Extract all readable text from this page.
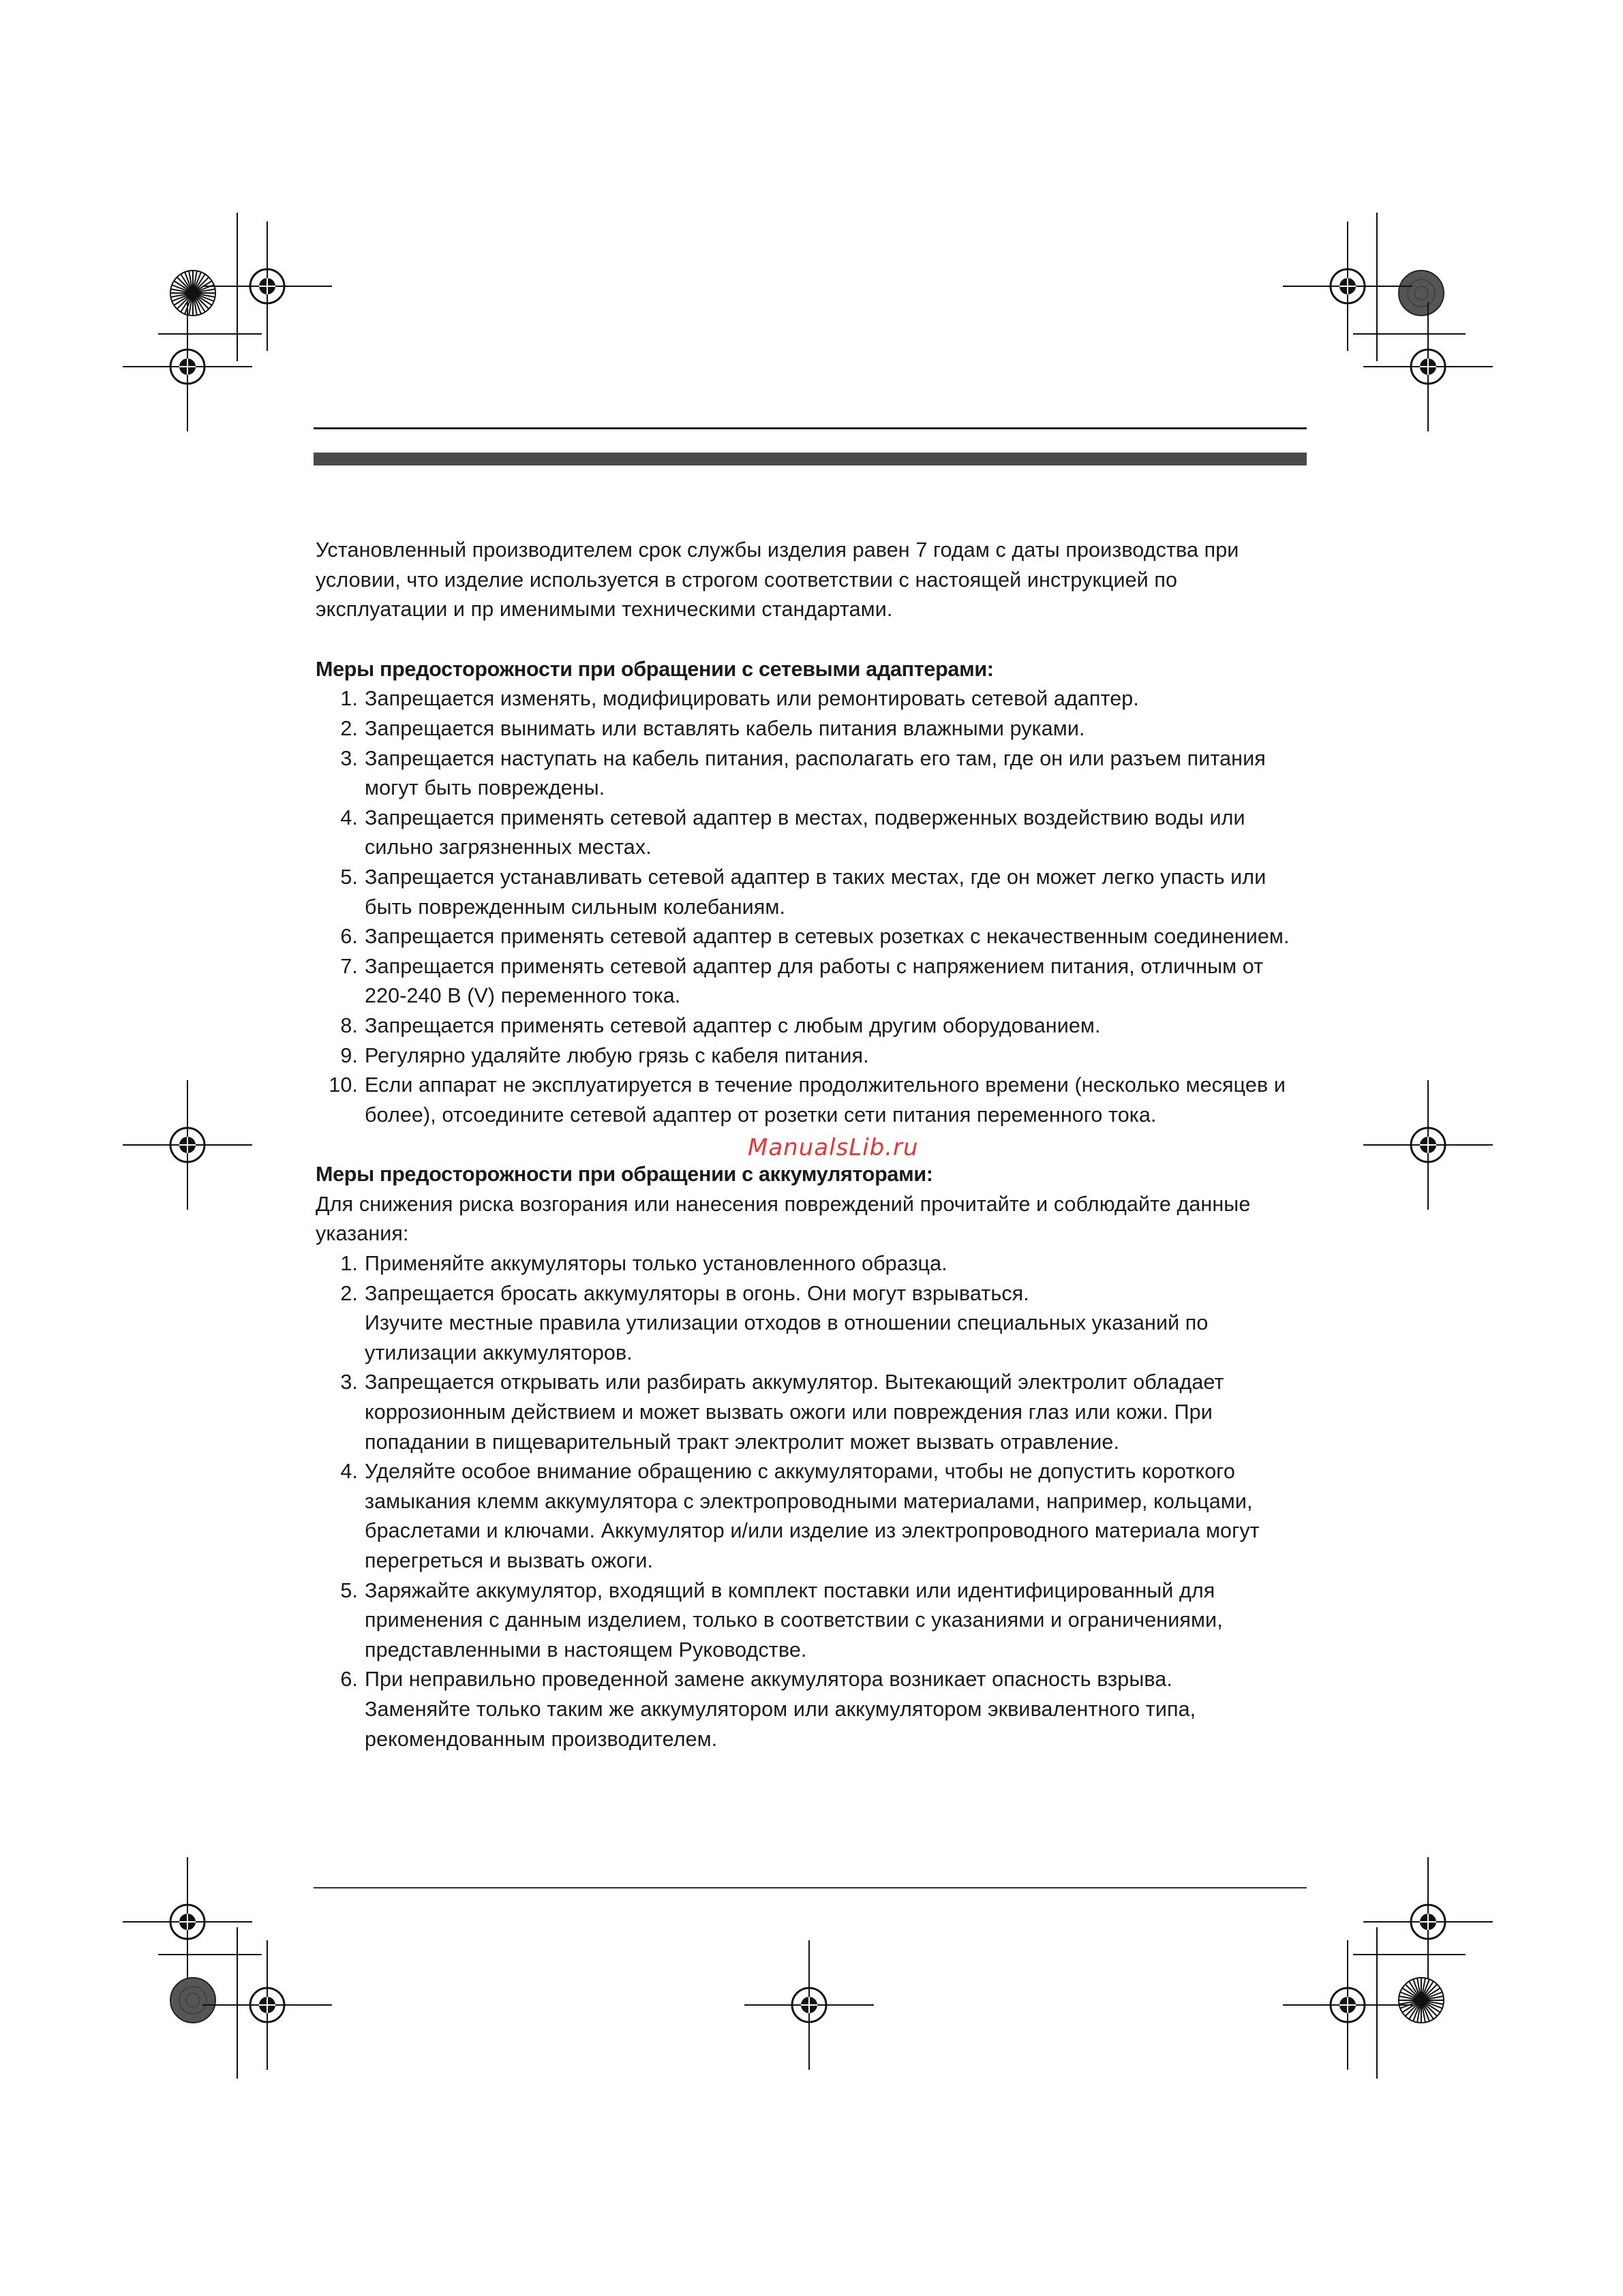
Установленный производителем срок службы изделия равен 7 годам с даты производства при условии, что изделие используется в строгом соответствии с настоящей инструкцией по эксплуатации и пр именимыми техническими стандартами.

Меры предосторожности при обращении с сетевыми адаптерами:

1. Запрещается изменять, модифицировать или ремонтировать сетевой адаптер.
2. Запрещается вынимать или вставлять кабель питания влажными руками.
3. Запрещается наступать на кабель питания, располагать его там, где он или разъем питания могут быть повреждены.
4. Запрещается применять сетевой адаптер в местах, подверженных воздействию воды или сильно загрязненных местах.
5. Запрещается устанавливать сетевой адаптер в таких местах, где он может легко упасть или быть поврежденным сильным колебаниям.
6. Запрещается применять сетевой адаптер в сетевых розетках с некачественным соединением.
7. Запрещается применять сетевой адаптер для работы с напряжением питания, отличным от 220-240 В (V) переменного тока.
8. Запрещается применять сетевой адаптер с любым другим оборудованием.
9. Регулярно удаляйте любую грязь с кабеля питания.
10. Если аппарат не эксплуатируется в течение продолжительного времени (несколько месяцев и более), отсоедините сетевой адаптер от розетки сети питания переменного тока.

Меры предосторожности при обращении с аккумуляторами:

Для снижения риска возгорания или нанесения повреждений прочитайте и соблюдайте данные указания:

1. Применяйте аккумуляторы только установленного образца.
2. Запрещается бросать аккумуляторы в огонь. Они могут взрываться.
Изучите местные правила утилизации отходов в отношении специальных указаний по утилизации аккумуляторов.
3. Запрещается открывать или разбирать аккумулятор. Вытекающий электролит обладает коррозионным действием и может вызвать ожоги или повреждения глаз или кожи. При попадании в пищеварительный тракт электролит может вызвать отравление.
4. Уделяйте особое внимание обращению с аккумуляторами, чтобы не допустить короткого замыкания клемм аккумулятора с электропроводными материалами, например, кольцами, браслетами и ключами. Аккумулятор и/или изделие из электропроводного материала могут перегреться и вызвать ожоги.
5. Заряжайте аккумулятор, входящий в комплект поставки или идентифицированный для применения с данным изделием, только в соответствии с указаниями и ограничениями, представленными в настоящем Руководстве.
6. При неправильно проведенной замене аккумулятора возникает опасность взрыва.
Заменяйте только таким же аккумулятором или аккумулятором эквивалентного типа, рекомендованным производителем.
ManualsLib.ru
